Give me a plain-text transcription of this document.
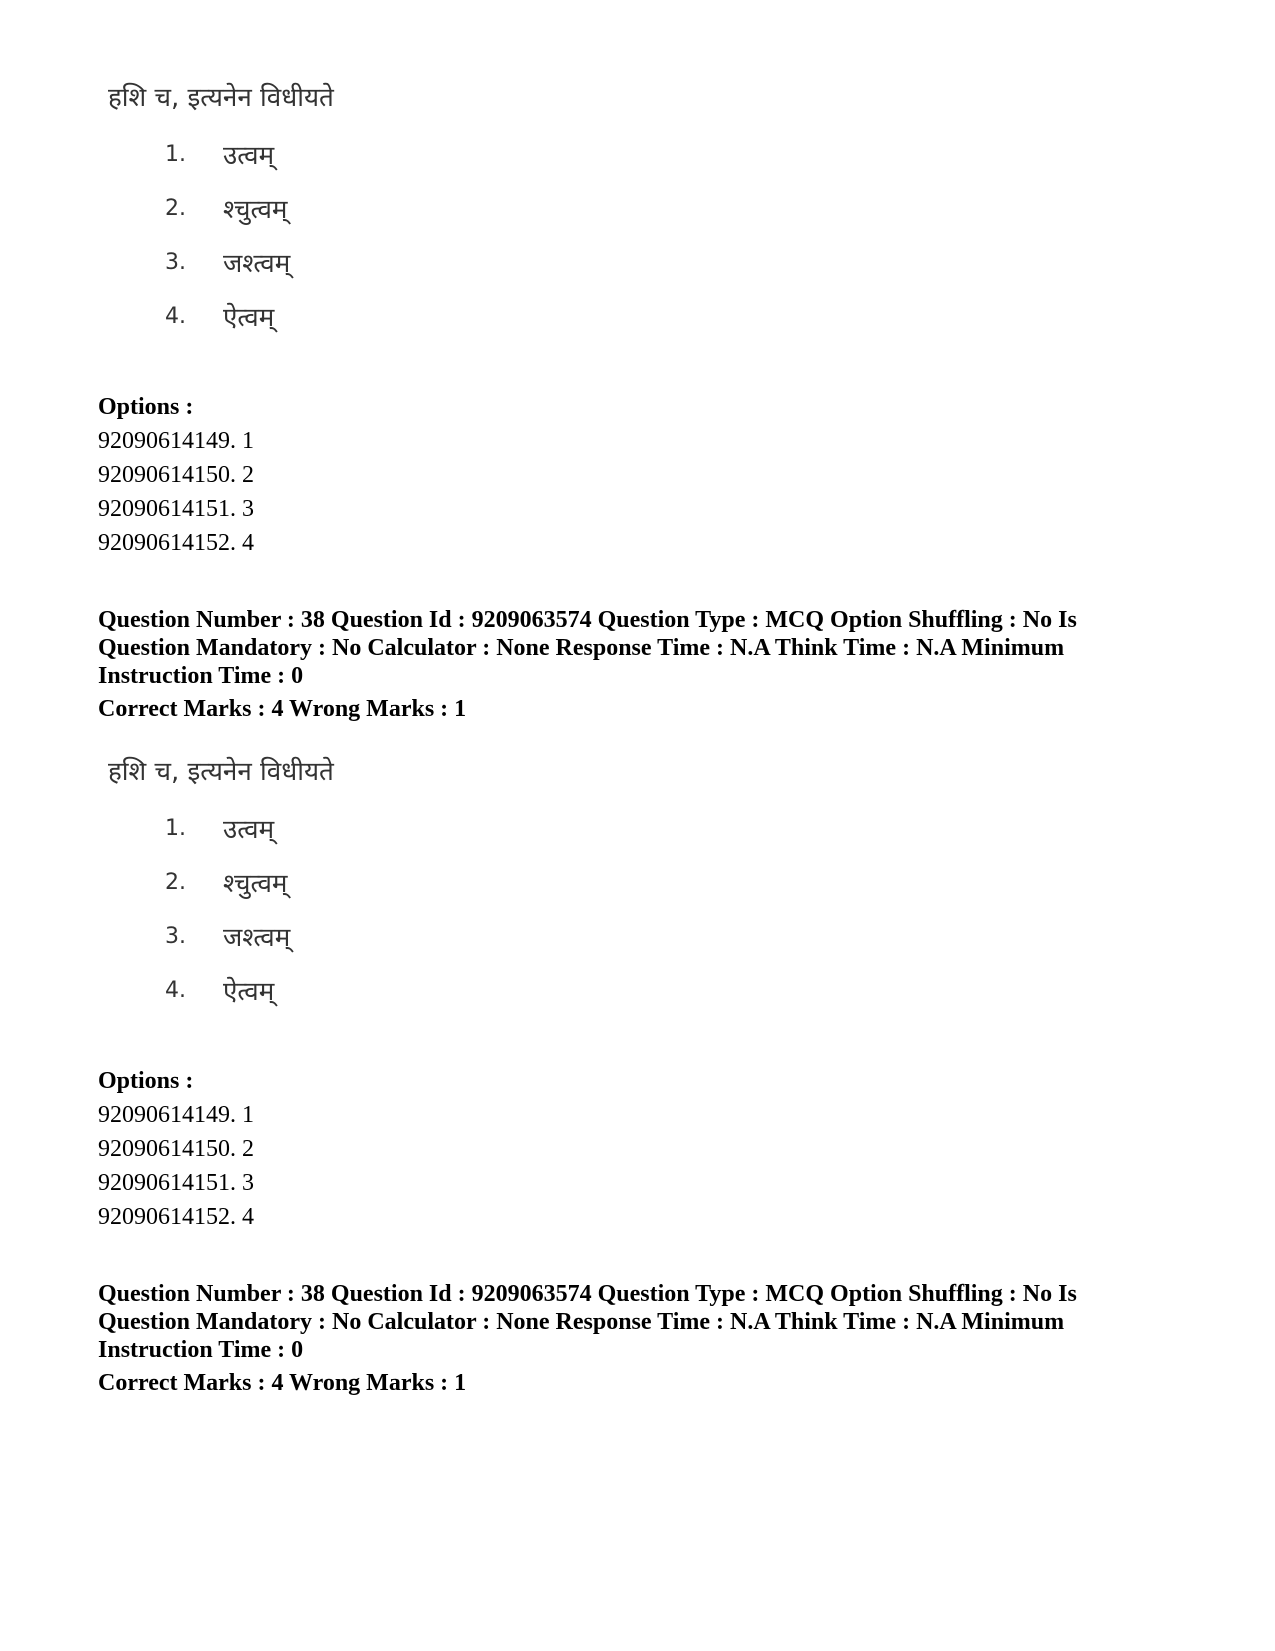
हशि च, इत्यनेन विधीयते
1. उत्वम्
2. श्चुत्वम्
3. जश्त्वम्
4. ऐत्वम्
Options :
92090614149. 1
92090614150. 2
92090614151. 3
92090614152. 4
Question Number : 38 Question Id : 9209063574 Question Type : MCQ Option Shuffling : No Is Question Mandatory : No Calculator : None Response Time : N.A Think Time : N.A Minimum Instruction Time : 0
Correct Marks : 4 Wrong Marks : 1
हशि च, इत्यनेन विधीयते
1. उत्वम्
2. श्चुत्वम्
3. जश्त्वम्
4. ऐत्वम्
Options :
92090614149. 1
92090614150. 2
92090614151. 3
92090614152. 4
Question Number : 38 Question Id : 9209063574 Question Type : MCQ Option Shuffling : No Is Question Mandatory : No Calculator : None Response Time : N.A Think Time : N.A Minimum Instruction Time : 0
Correct Marks : 4 Wrong Marks : 1
